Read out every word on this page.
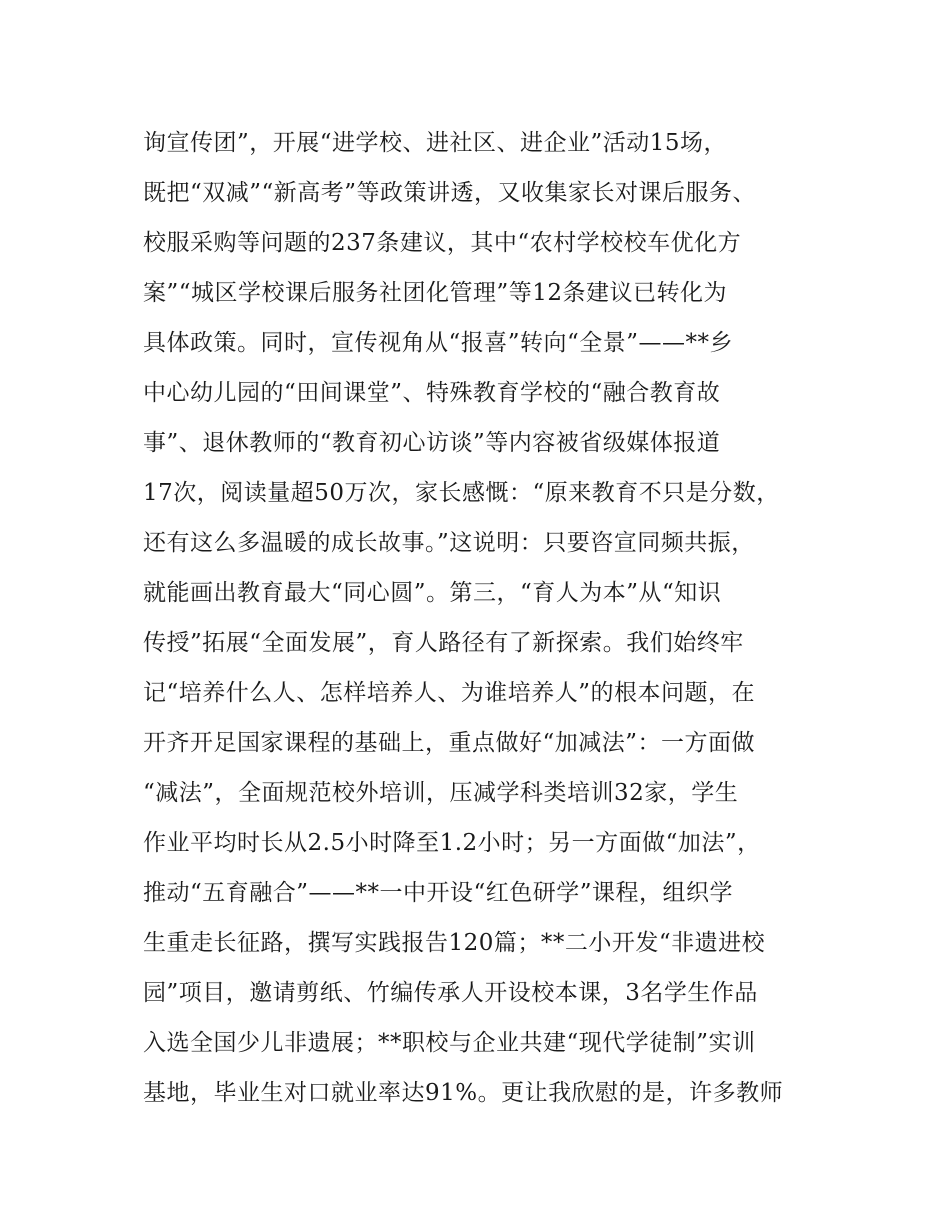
询宣传团”，开展“进学校、进社区、进企业”活动15场，
既把“双减”“新高考”等政策讲透，又收集家长对课后服务、
校服采购等问题的237条建议，其中“农村学校校车优化方
案”“城区学校课后服务社团化管理”等12条建议已转化为
具体政策。同时，宣传视角从“报喜”转向“全景”——**乡
中心幼儿园的“田间课堂”、特殊教育学校的“融合教育故
事”、退休教师的“教育初心访谈”等内容被省级媒体报道
17次，阅读量超50万次，家长感慨：“原来教育不只是分数，
还有这么多温暖的成长故事。”这说明：只要咨宣同频共振，
就能画出教育最大“同心圆”。第三，“育人为本”从“知识
传授”拓展“全面发展”，育人路径有了新探索。我们始终牢
记“培养什么人、怎样培养人、为谁培养人”的根本问题，在
开齐开足国家课程的基础上，重点做好“加减法”：一方面做
“减法”，全面规范校外培训，压减学科类培训32家，学生
作业平均时长从2.5小时降至1.2小时；另一方面做“加法”，
推动“五育融合”——**一中开设“红色研学”课程，组织学
生重走长征路，撰写实践报告120篇；**二小开发“非遗进校
园”项目，邀请剪纸、竹编传承人开设校本课，3名学生作品
入选全国少儿非遗展；**职校与企业共建“现代学徒制”实训
基地，毕业生对口就业率达91%。更让我欣慰的是，许多教师
